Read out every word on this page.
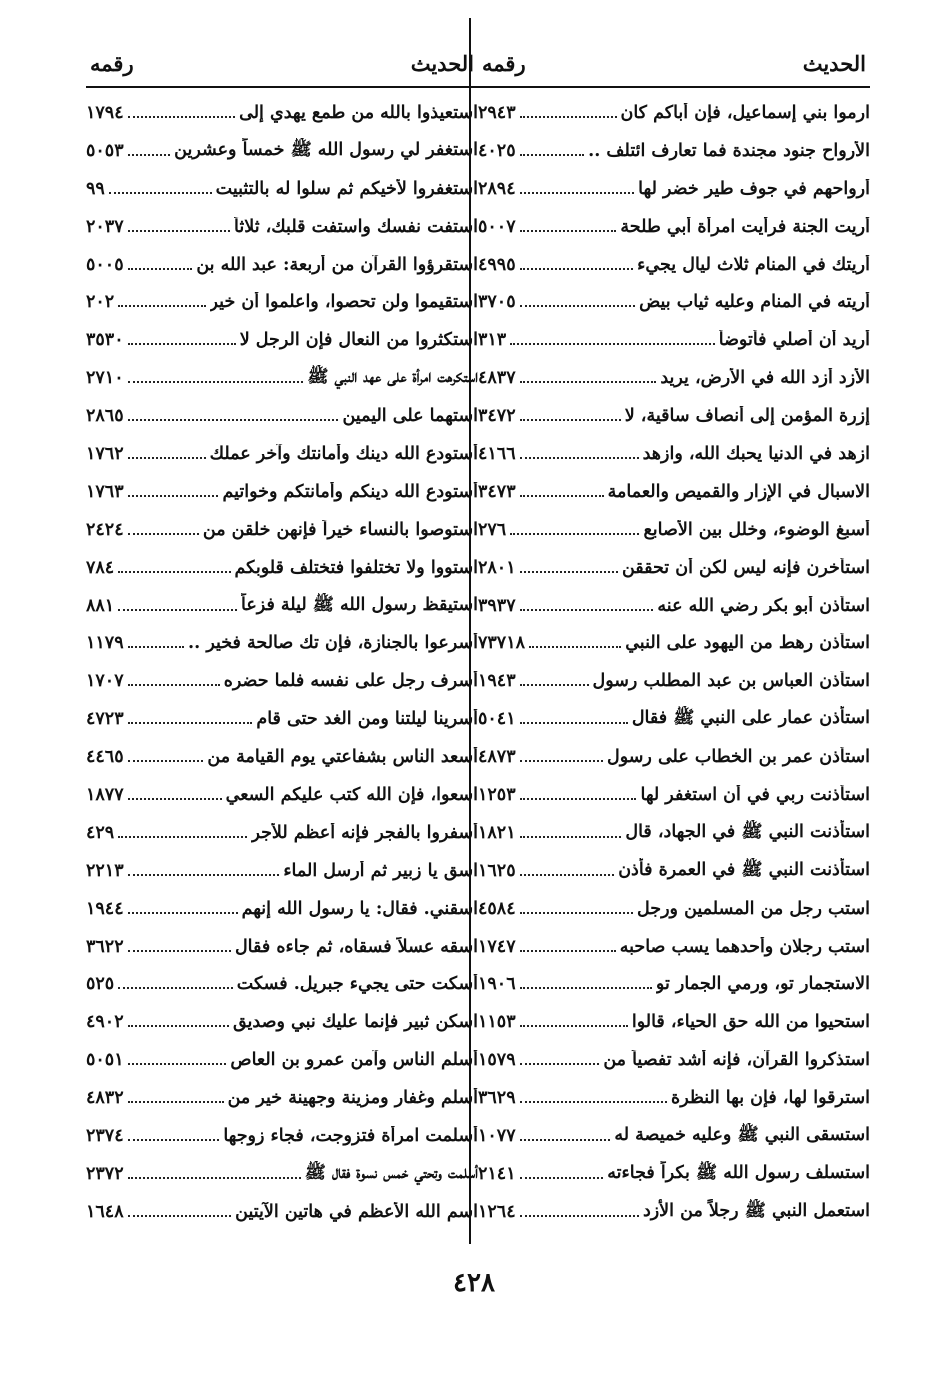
الحديث
رقمه
ارموا بني إسماعيل، فإن أباكم كان
٢٩٤٣
الأرواح جنود مجندة فما تعارف ائتلف ..
٤٠٢٥
أرواحهم في جوف طير خضر لها
٢٨٩٤
أريت الجنة فرأيت امرأة أبي طلحة
٥٠٠٧
أريتك في المنام ثلاث ليال يجيء
٤٩٩٥
أريته في المنام وعليه ثياب بيض
٣٧٠٥
أريد أن أصلي فأتوضأ
٣١٣
الأزد أزد الله في الأرض، يريد
٤٨٣٧
إزرة المؤمن إلى أنصاف ساقية، لا
٣٤٧٢
ازهد في الدنيا يحبك الله، وازهد
٤١٦٦
الاسبال في الإزار والقميص والعمامة
٣٤٧٣
أسبغ الوضوء، وخلل بين الأصابع
٢٧٦
استأخرن فإنه ليس لكن أن تحققن
٢٨٠١
استأذن أبو بكر رضي الله عنه
٣٩٣٧
استأذن رهط من اليهود على النبي
٧٣٧١٨
استأذن العباس بن عبد المطلب رسول
١٩٤٣
استأذن عمار على النبي ﷺ فقال
٥٠٤١
استأذن عمر بن الخطاب على رسول
٤٨٧٣
استأذنت ربي في أن استغفر لها
١٢٥٣
استأذنت النبي ﷺ في الجهاد، قال
١٨٢١
استأذنت النبي ﷺ في العمرة فأذن
١٦٢٥
استب رجل من المسلمين ورجل
٤٥٨٤
استب رجلان وأحدهما يسب صاحبه
١٧٤٧
الاستجمار تو، ورمي الجمار تو
١٩٠٦
استحيوا من الله حق الحياء، قالوا
١١٥٣
استذكروا القرآن، فإنه أشد تفصياً من
١٥٧٩
استرقوا لها، فإن بها النظرة
٣٦٢٩
استسقى النبي ﷺ وعليه خميصة له
١٠٧٧
استسلف رسول الله ﷺ بكراً فجاءته
٢١٤١
استعمل النبي ﷺ رجلاً من الأزد
١٢٦٤
الحديث
رقمه
استعيذوا بالله من طمع يهدي إلى
١٧٩٤
استغفر لي رسول الله ﷺ خمساً وعشرين
٥٠٥٣
استغفروا لأخيكم ثم سلوا له بالتثبيت
٩٩
استفت نفسك واستفت قلبك، ثلاثاً
٢٠٣٧
استقرؤوا القرآن من أربعة: عبد الله بن
٥٠٠٥
استقيموا ولن تحصوا، واعلموا أن خير
٢٠٢
استكثروا من النعال فإن الرجل لا
٣٥٣٠
استكرهت امرأة على عهد النبي ﷺ
٢٧١٠
استهما على اليمين
٢٨٦٥
أستودع الله دينك وأمانتك وآخر عملك
١٧٦٢
أستودع الله دينكم وأمانتكم وخواتيم
١٧٦٣
استوصوا بالنساء خيراً فإنهن خلقن من
٢٤٢٤
استووا ولا تختلفوا فتختلف قلوبكم
٧٨٤
استيقظ رسول الله ﷺ ليلة فزعاً
٨٨١
أسرعوا بالجنازة، فإن تك صالحة فخير ..
١١٧٩
أسرف رجل على نفسه فلما حضره
١٧٠٧
أسرينا ليلتنا ومن الغد حتى قام
٤٧٢٣
أسعد الناس بشفاعتي يوم القيامة من
٤٤٦٥
اسعوا، فإن الله كتب عليكم السعي
١٨٧٧
أسفروا بالفجر فإنه أعظم للأجر
٤٢٩
اسق يا زبير ثم أرسل الماء
٢٢١٣
اسقني. فقال: يا رسول الله إنهم
١٩٤٤
اسقه عسلاً فسقاه، ثم جاءه فقال
٣٦٢٢
أسكت حتى يجيء جبريل. فسكت
٥٢٥
اسكن ثبير فإنما عليك نبي وصديق
٤٩٠٢
أسلم الناس وآمن عمرو بن العاص
٥٠٥١
أسلم وغفار ومزينة وجهينة خير من
٤٨٣٢
أسلمت امرأة فتزوجت، فجاء زوجها
٢٣٧٤
أسلمت وتحتي خمس نسوة فقال ﷺ
٢٣٧٢
اسم الله الأعظم في هاتين الآيتين
١٦٤٨
٤٢٨
